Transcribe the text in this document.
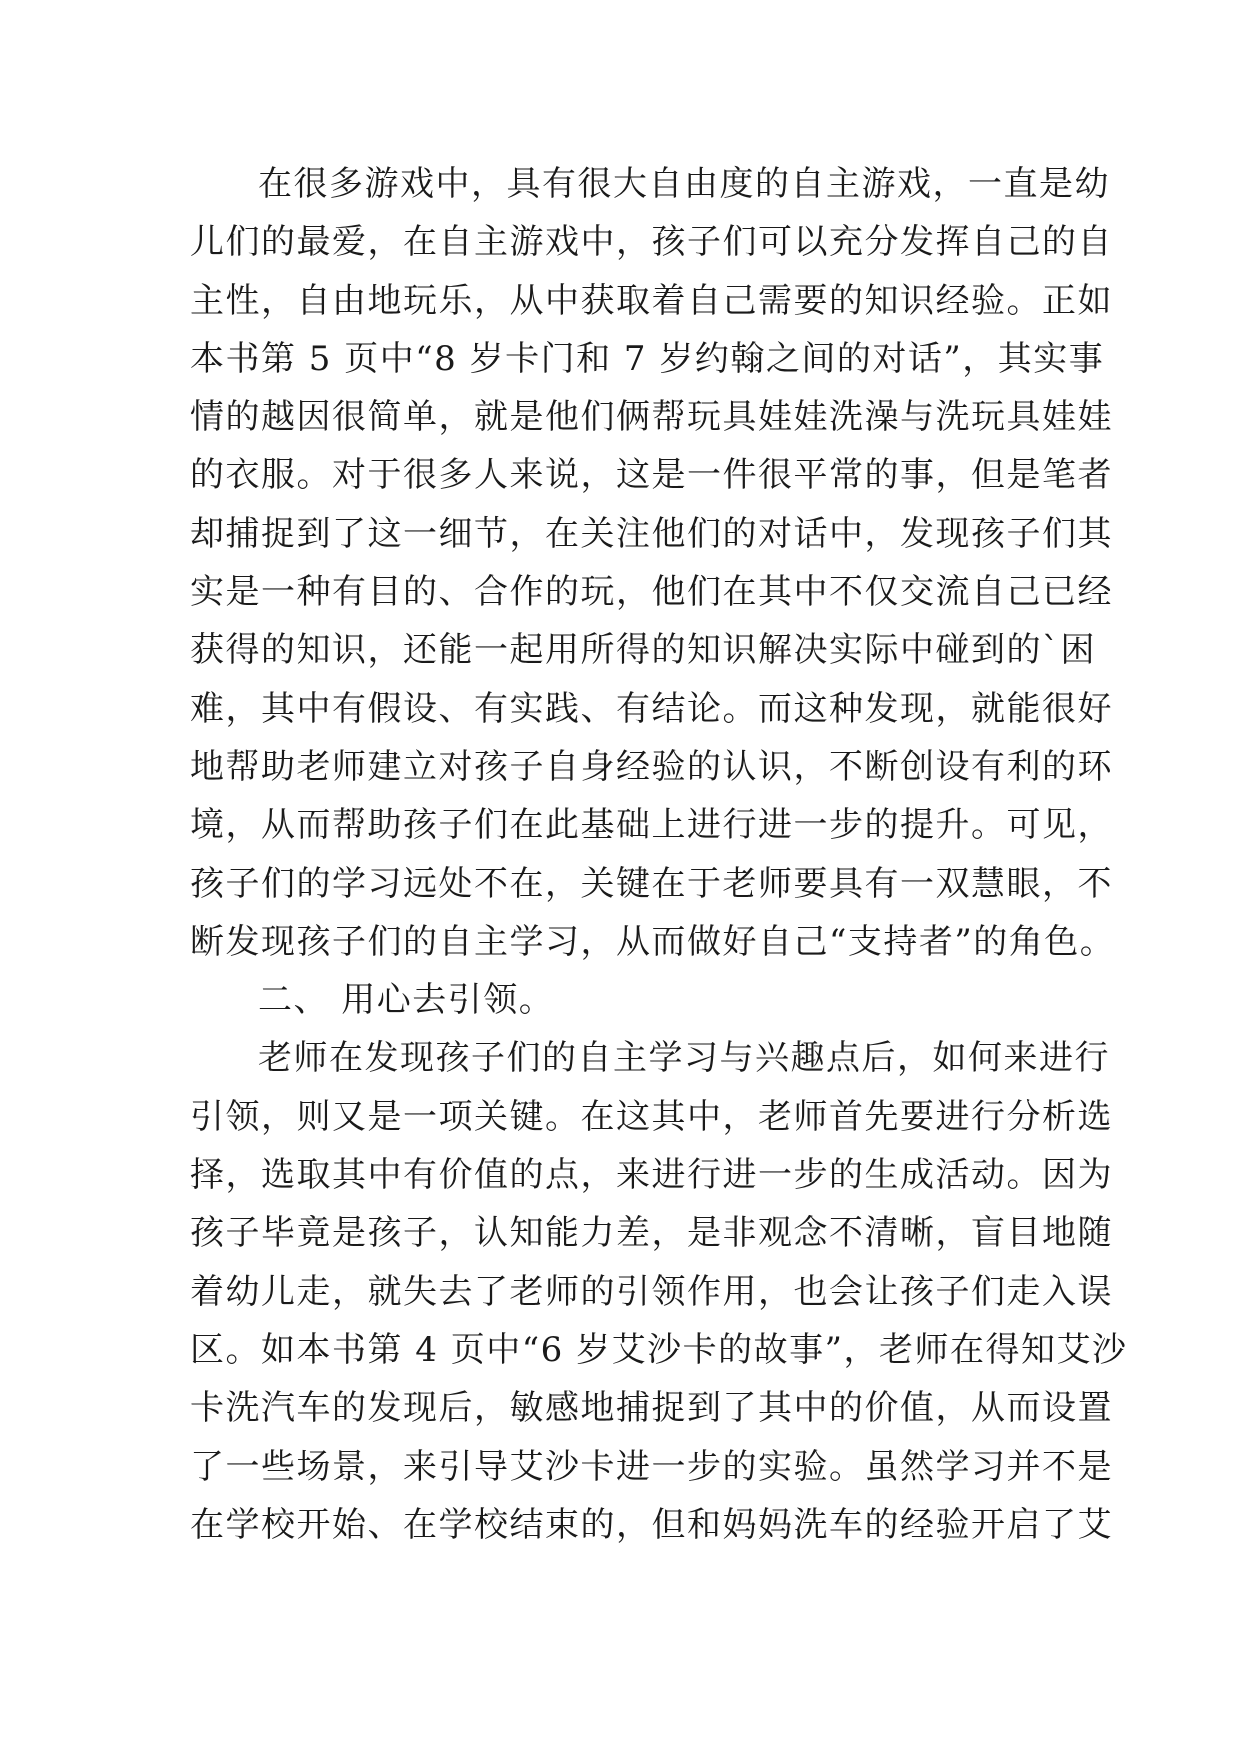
在很多游戏中，具有很大自由度的自主游戏，一直是幼
儿们的最爱，在自主游戏中，孩子们可以充分发挥自己的自
主性，自由地玩乐，从中获取着自己需要的知识经验。正如
本书第 5 页中“8 岁卡门和 7 岁约翰之间的对话”，其实事
情的越因很简单，就是他们俩帮玩具娃娃洗澡与洗玩具娃娃
的衣服。对于很多人来说，这是一件很平常的事，但是笔者
却捕捉到了这一细节，在关注他们的对话中，发现孩子们其
实是一种有目的、合作的玩，他们在其中不仅交流自己已经
获得的知识，还能一起用所得的知识解决实际中碰到的`困
难，其中有假设、有实践、有结论。而这种发现，就能很好
地帮助老师建立对孩子自身经验的认识，不断创设有利的环
境，从而帮助孩子们在此基础上进行进一步的提升。可见，
孩子们的学习远处不在，关键在于老师要具有一双慧眼，不
断发现孩子们的自主学习，从而做好自己“支持者”的角色。
二、 用心去引领。
老师在发现孩子们的自主学习与兴趣点后，如何来进行
引领，则又是一项关键。在这其中，老师首先要进行分析选
择，选取其中有价值的点，来进行进一步的生成活动。因为
孩子毕竟是孩子，认知能力差，是非观念不清晰，盲目地随
着幼儿走，就失去了老师的引领作用，也会让孩子们走入误
区。如本书第 4 页中“6 岁艾沙卡的故事”，老师在得知艾沙
卡洗汽车的发现后，敏感地捕捉到了其中的价值，从而设置
了一些场景，来引导艾沙卡进一步的实验。虽然学习并不是
在学校开始、在学校结束的，但和妈妈洗车的经验开启了艾
